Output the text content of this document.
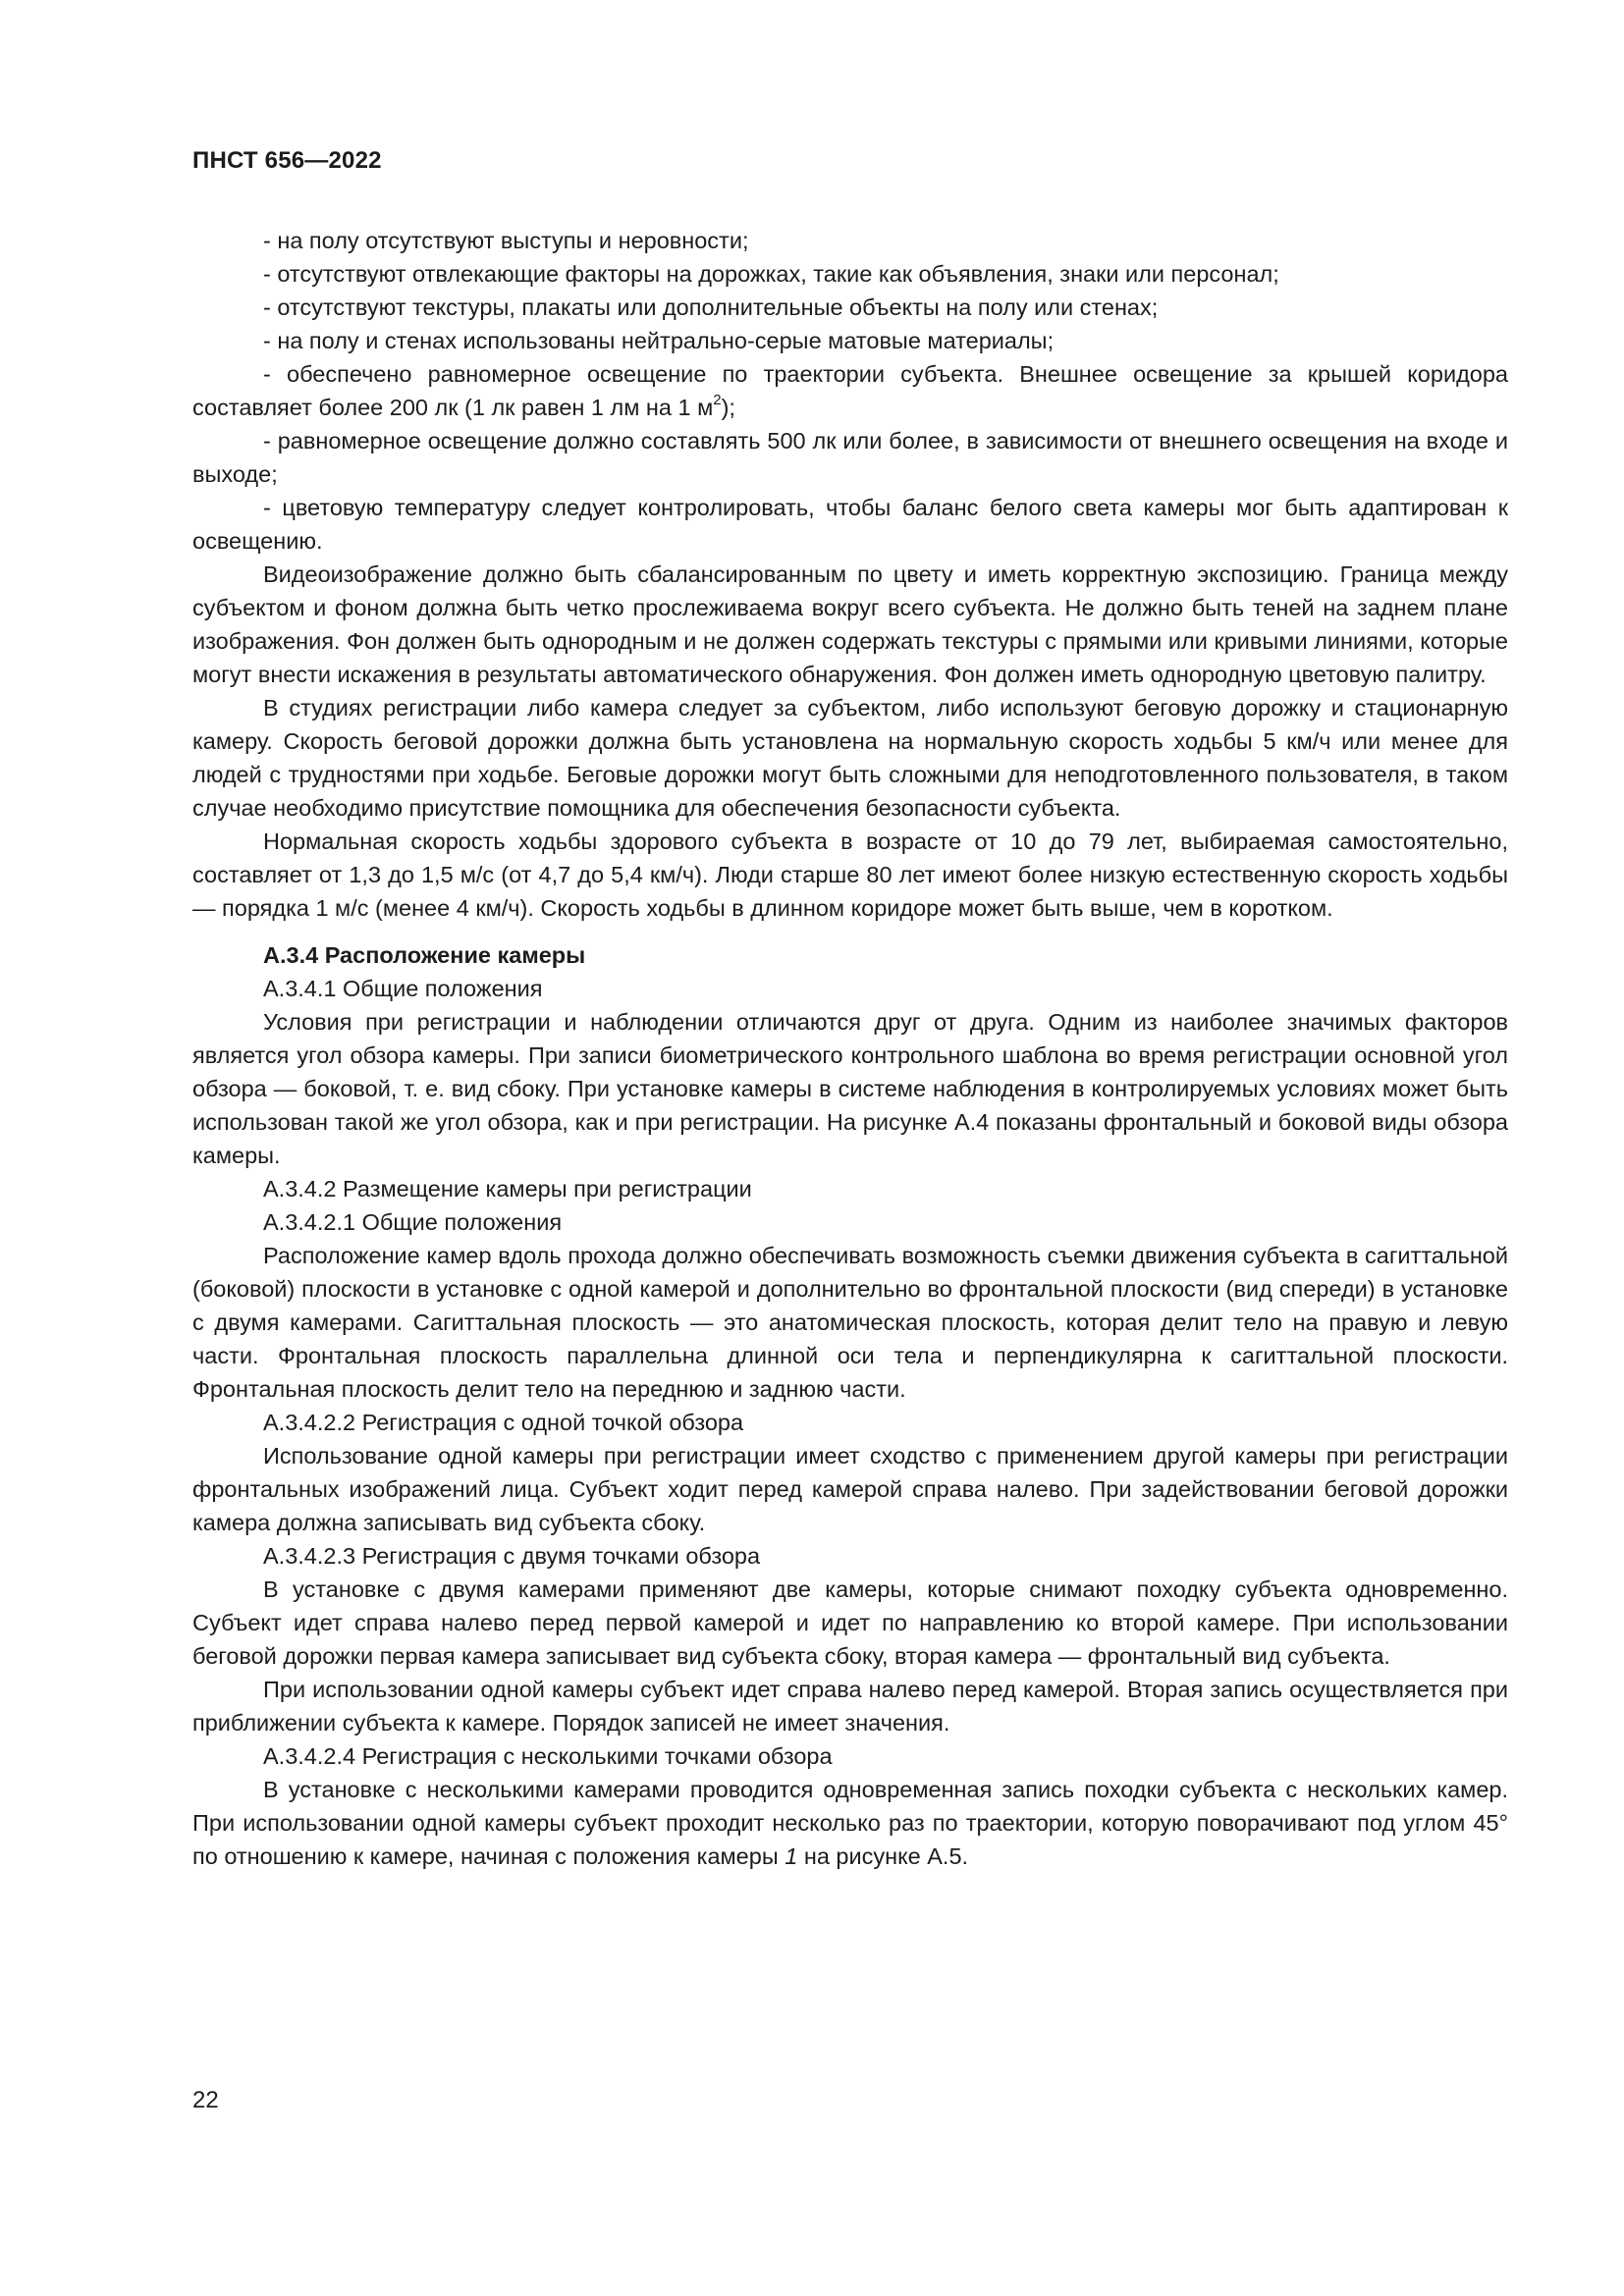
ПНСТ 656—2022

- на полу отсутствуют выступы и неровности;

- отсутствуют отвлекающие факторы на дорожках, такие как объявления, знаки или персонал;

- отсутствуют текстуры, плакаты или дополнительные объекты на полу или стенах;

- на полу и стенах использованы нейтрально-серые матовые материалы;

- обеспечено равномерное освещение по траектории субъекта. Внешнее освещение за крышей коридора составляет более 200 лк (1 лк равен 1 лм на 1 $м^2$);

- равномерное освещение должно составлять 500 лк или более, в зависимости от внешнего освещения на входе и выходе;

- цветовую температуру следует контролировать, чтобы баланс белого света камеры мог быть адаптирован к освещению.

Видеоизображение должно быть сбалансированным по цвету и иметь корректную экспозицию. Граница между субъектом и фоном должна быть четко прослеживаема вокруг всего субъекта. Не должно быть теней на заднем плане изображения. Фон должен быть однородным и не должен содержать текстуры с прямыми или кривыми линиями, которые могут внести искажения в результаты автоматического обнаружения. Фон должен иметь однородную цветовую палитру.

В студиях регистрации либо камера следует за субъектом, либо используют беговую дорожку и стационарную камеру. Скорость беговой дорожки должна быть установлена на нормальную скорость ходьбы 5 км/ч или менее для людей с трудностями при ходьбе. Беговые дорожки могут быть сложными для неподготовленного пользователя, в таком случае необходимо присутствие помощника для обеспечения безопасности субъекта.

Нормальная скорость ходьбы здорового субъекта в возрасте от 10 до 79 лет, выбираемая самостоятельно, составляет от 1,3 до 1,5 м/с (от 4,7 до 5,4 км/ч). Люди старше 80 лет имеют более низкую естественную скорость ходьбы — порядка 1 м/с (менее 4 км/ч). Скорость ходьбы в длинном коридоре может быть выше, чем в коротком.

А.3.4 Расположение камеры

А.3.4.1 Общие положения

Условия при регистрации и наблюдении отличаются друг от друга. Одним из наиболее значимых факторов является угол обзора камеры. При записи биометрического контрольного шаблона во время регистрации основной угол обзора — боковой, т. е. вид сбоку. При установке камеры в системе наблюдения в контролируемых условиях может быть использован такой же угол обзора, как и при регистрации. На рисунке А.4 показаны фронтальный и боковой виды обзора камеры.

А.3.4.2 Размещение камеры при регистрации

А.3.4.2.1 Общие положения

Расположение камер вдоль прохода должно обеспечивать возможность съемки движения субъекта в сагиттальной (боковой) плоскости в установке с одной камерой и дополнительно во фронтальной плоскости (вид спереди) в установке с двумя камерами. Сагиттальная плоскость — это анатомическая плоскость, которая делит тело на правую и левую части. Фронтальная плоскость параллельна длинной оси тела и перпендикулярна к сагиттальной плоскости. Фронтальная плоскость делит тело на переднюю и заднюю части.

А.3.4.2.2 Регистрация с одной точкой обзора

Использование одной камеры при регистрации имеет сходство с применением другой камеры при регистрации фронтальных изображений лица. Субъект ходит перед камерой справа налево. При задействовании беговой дорожки камера должна записывать вид субъекта сбоку.

А.3.4.2.3 Регистрация с двумя точками обзора

В установке с двумя камерами применяют две камеры, которые снимают походку субъекта одновременно. Субъект идет справа налево перед первой камерой и идет по направлению ко второй камере. При использовании беговой дорожки первая камера записывает вид субъекта сбоку, вторая камера — фронтальный вид субъекта.

При использовании одной камеры субъект идет справа налево перед камерой. Вторая запись осуществляется при приближении субъекта к камере. Порядок записей не имеет значения.

А.3.4.2.4 Регистрация с несколькими точками обзора

В установке с несколькими камерами проводится одновременная запись походки субъекта с нескольких камер. При использовании одной камеры субъект проходит несколько раз по траектории, которую поворачивают под углом 45° по отношению к камере, начиная с положения камеры 1 на рисунке А.5.

22
